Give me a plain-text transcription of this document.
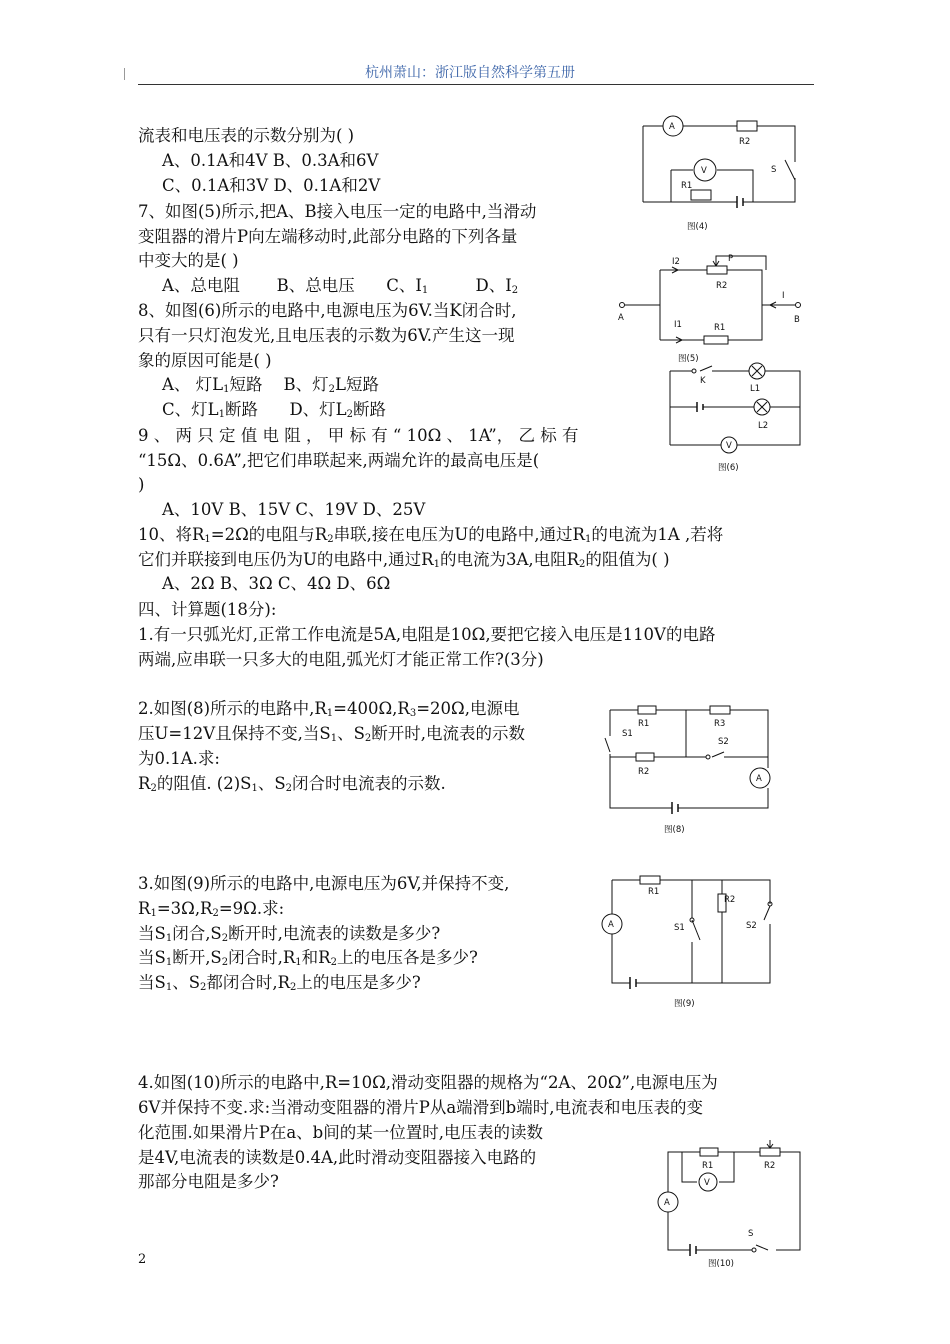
杭州萧山：浙江版自然科学第五册
流表和电压表的示数分别为( )
A、0.1A和4V B、0.3A和6V
C、0.1A和3V D、0.1A和2V
7、如图(5)所示,把A、B接入电压一定的电路中,当滑动
变阻器的滑片P向左端移动时,此部分电路的下列各量
中变大的是( )
A、总电阻 B、总电压 C、$I_1$	D、$I_2$
8、如图(6)所示的电路中,电源电压为6V.当K闭合时,
只有一只灯泡发光,且电压表的示数为6V.产生这一现
象的原因可能是( )
A、 灯$L_1$短路 B、灯$_2$L短路
C、灯$L_1$断路 D、灯$L_2$断路
9 、 两 只 定 值 电 阻 ， 甲 标 有 “ 10Ω 、 1A”， 乙 标 有
“15Ω、0.6A”,把它们串联起来,两端允许的最高电压是(
)
A、10V B、15V C、19V D、25V
10、将$R_1=2\Omega$的电阻与$R_2$串联,接在电压为U的电路中,通过$R_1$的电流为1A ,若将
它们并联接到电压仍为U的电路中,通过$R_1$的电流为3A,电阻$R_2$的阻值为( )
A、2Ω B、3Ω C、4Ω D、6Ω
四、计算题(18分):
1.有一只弧光灯,正常工作电流是5A,电阻是10Ω,要把它接入电压是110V的电路
两端,应串联一只多大的电阻,弧光灯才能正常工作?(3分)
2.如图(8)所示的电路中$,R_1=400\Omega,R_3=20\Omega$,电源电
压U=12V且保持不变,当$S_1$、$S_2$断开时,电流表的示数
为0.1A.求:
$R_2$的阻值. $(2)S_1$、$S_2$闭合时电流表的示数.
3.如图(9)所示的电路中,电源电压为6V,并保持不变,
$R_1=3\Omega,R_2=9\Omega$.求:
当$S_1$闭合$,S_2$断开时,电流表的读数是多少?
当$S_1$断开$,S_2$闭合时$,R_1$和$R_2$上的电压各是多少?
当$S_1$、$S_2$都闭合时$,R_2$上的电压是多少?
4.如图(10)所示的电路中,R=10Ω,滑动变阻器的规格为“2A、20Ω”,电源电压为
6V并保持不变.求:当滑动变阻器的滑片P从a端滑到b端时,电流表和电压表的变
化范围.如果滑片P在a、b间的某一位置时,电压表的读数
是4V,电流表的读数是0.4A,此时滑动变阻器接入电路的
那部分电阻是多少?
2
A
R2
V	S
R1
图(4)
I2	P
R2
I
A	B
I1	R1
图(5)
K
L1
L2
V
图(6)
R1	R3
S1
S2
R2
A
图(8)
R1
R2
A	S1	S2
图(9)
R1	R2
V
A
S
图(10)
